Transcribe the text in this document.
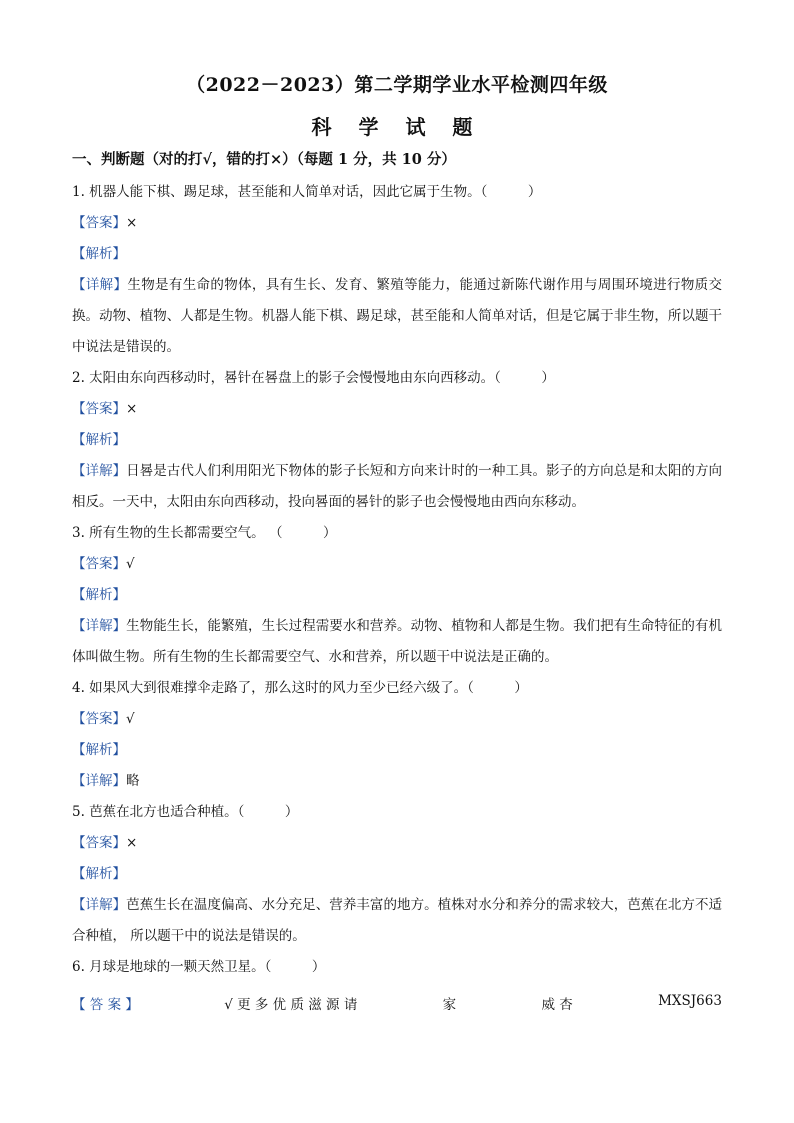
（2022－2023）第二学期学业水平检测四年级
科 学 试 题
一、判断题（对的打√，错的打×）（每题 1 分，共 10 分）
1. 机器人能下棋、踢足球，甚至能和人简单对话，因此它属于生物。（　　　）
【答案】×
【解析】
【详解】生物是有生命的物体，具有生长、发育、繁殖等能力，能通过新陈代谢作用与周围环境进行物质交换。动物、植物、人都是生物。机器人能下棋、踢足球，甚至能和人简单对话，但是它属于非生物，所以题干中说法是错误的。
2. 太阳由东向西移动时，晷针在晷盘上的影子会慢慢地由东向西移动。（　　　）
【答案】×
【解析】
【详解】日晷是古代人们利用阳光下物体的影子长短和方向来计时的一种工具。影子的方向总是和太阳的方向相反。一天中，太阳由东向西移动，投向晷面的晷针的影子也会慢慢地由西向东移动。
3. 所有生物的生长都需要空气。 （　　　）
【答案】√
【解析】
【详解】生物能生长，能繁殖，生长过程需要水和营养。动物、植物和人都是生物。我们把有生命特征的有机体叫做生物。所有生物的生长都需要空气、水和营养，所以题干中说法是正确的。
4. 如果风大到很难撑伞走路了，那么这时的风力至少已经六级了。（　　　）
【答案】√
【解析】
【详解】略
5. 芭蕉在北方也适合种植。（　　　）
【答案】×
【解析】
【详解】芭蕉生长在温度偏高、水分充足、营养丰富的地方。植株对水分和养分的需求较大，芭蕉在北方不适合种植， 所以题干中的说法是错误的。
6. 月球是地球的一颗天然卫星。（　　　）
【 答 案 】	√ 更 多 优 质 滋 源 请	家	威 杏	MXSJ663
